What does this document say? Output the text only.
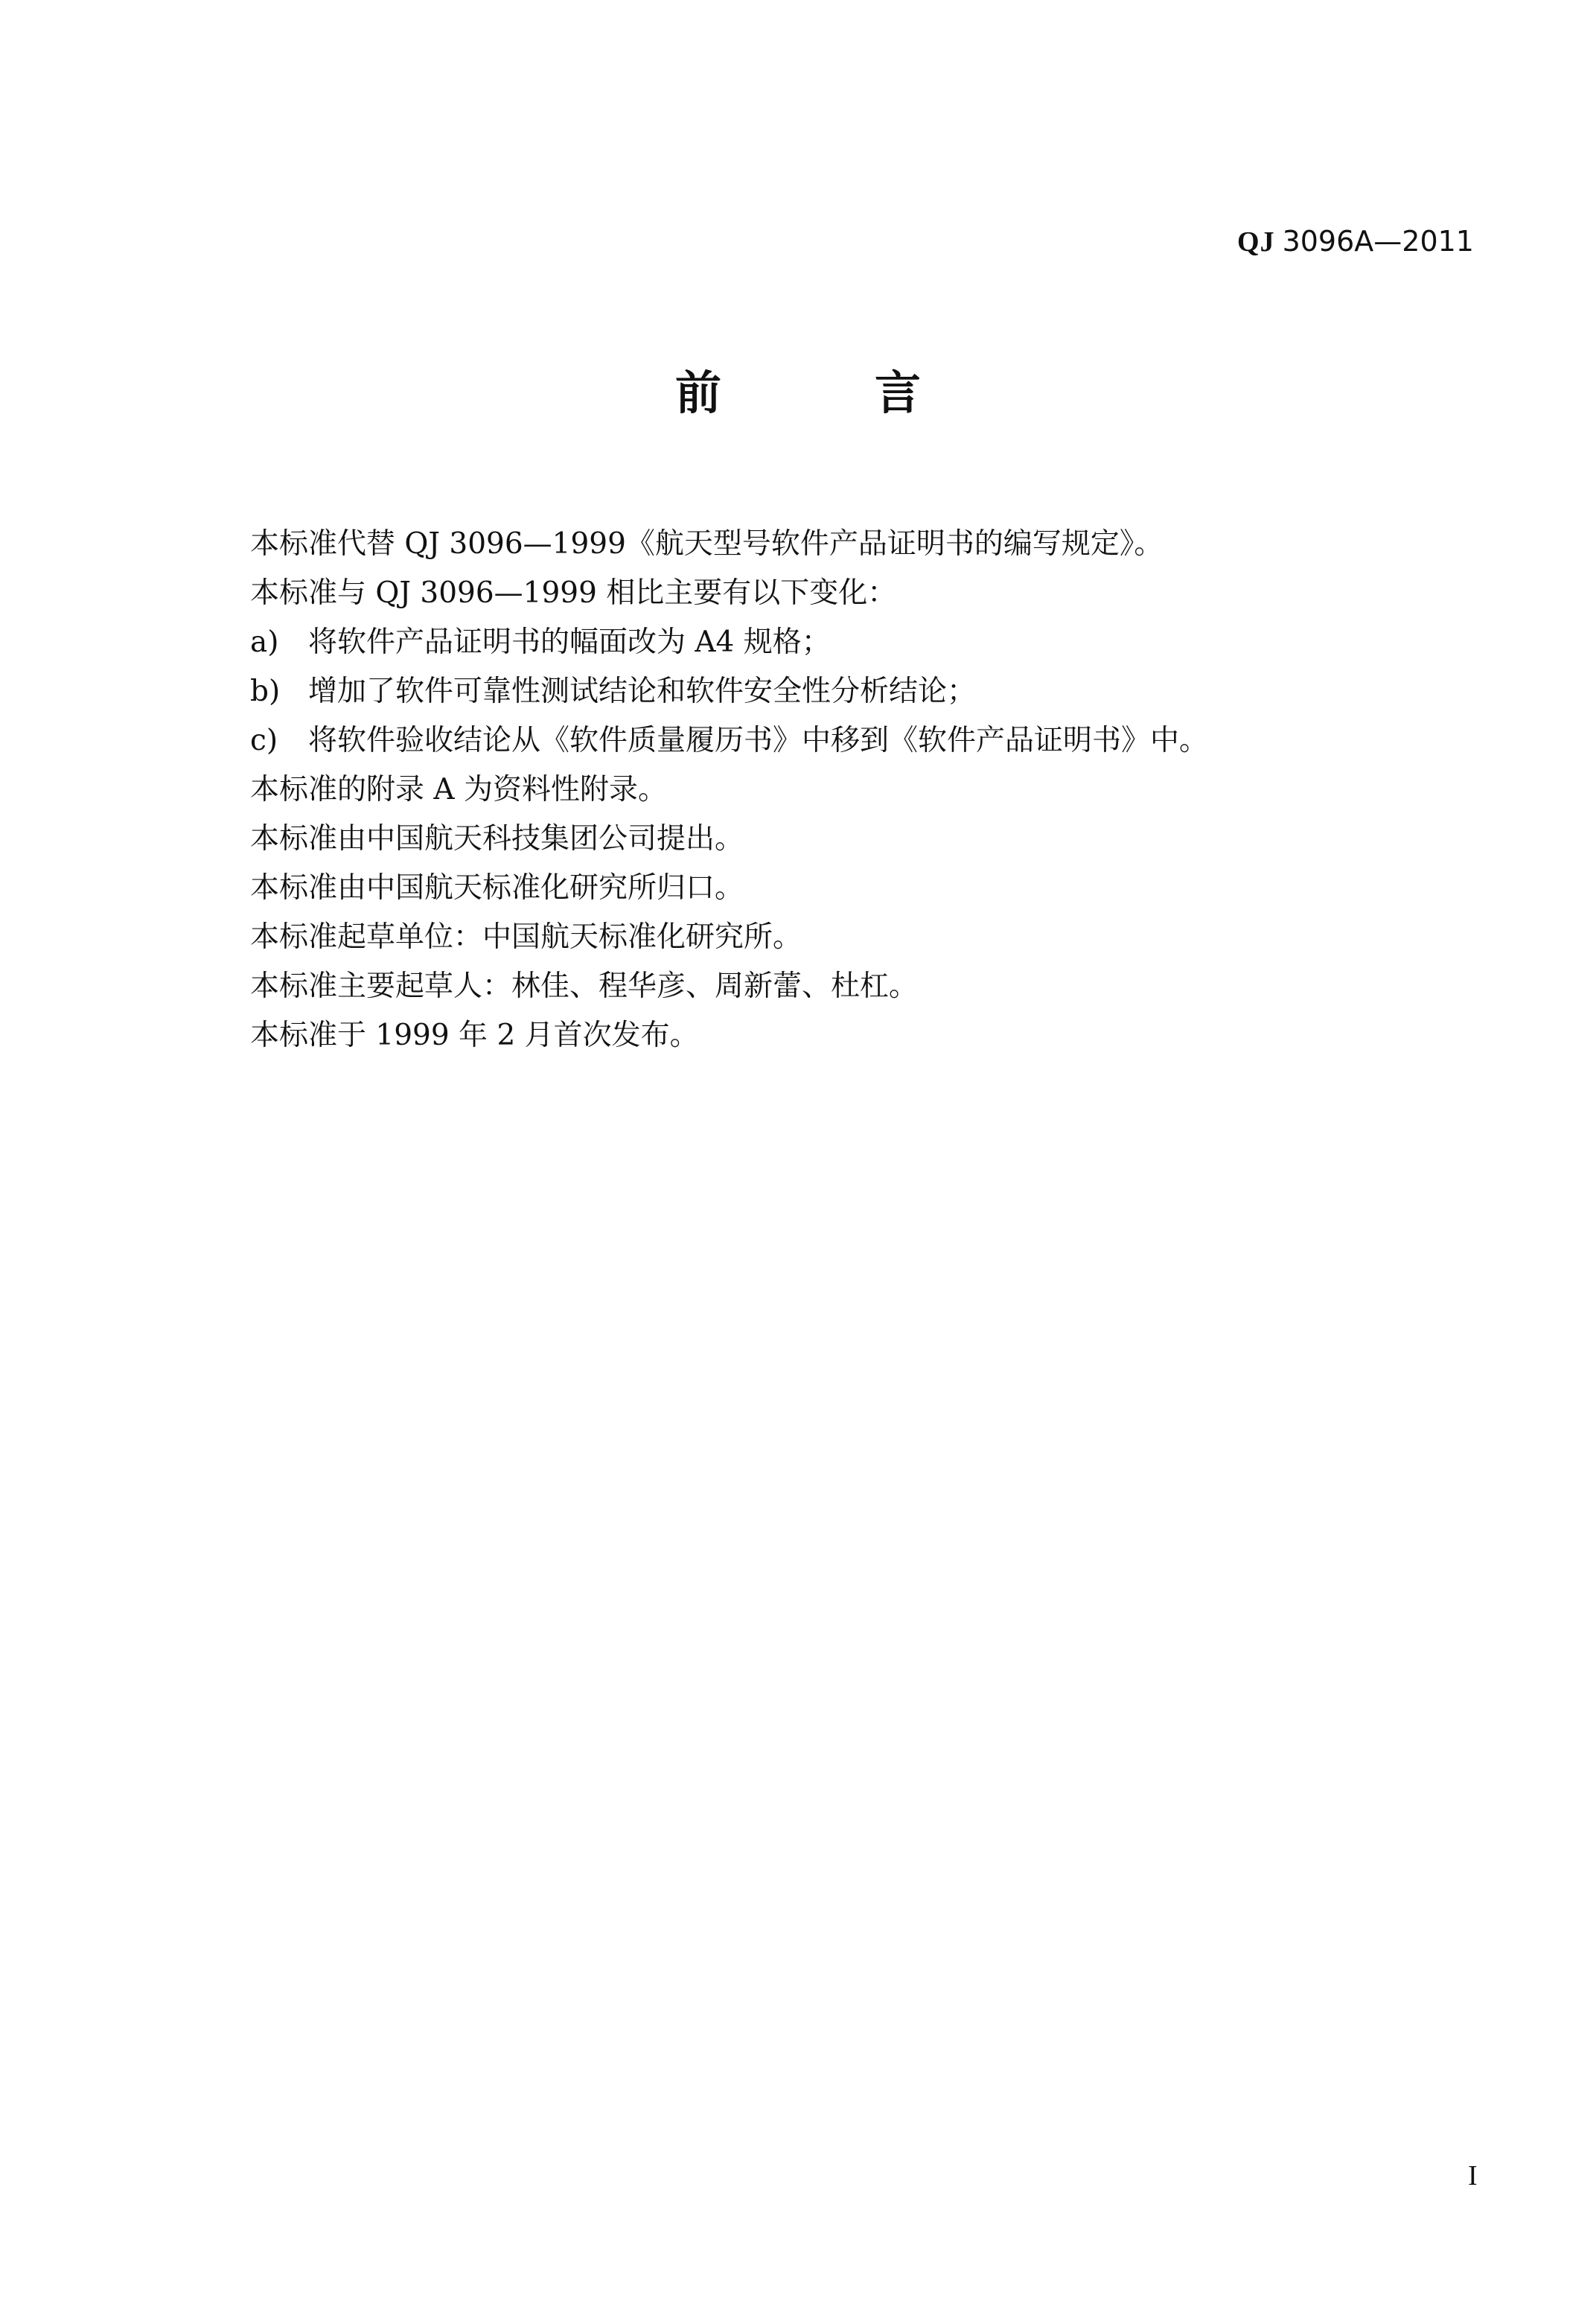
QJ 3096A—2011
前　言
本标准代替 QJ 3096—1999《航天型号软件产品证明书的编写规定》。
本标准与 QJ 3096—1999 相比主要有以下变化：
a)	将软件产品证明书的幅面改为 A4 规格；
b) 增加了软件可靠性测试结论和软件安全性分析结论；
c)	将软件验收结论从《软件质量履历书》中移到《软件产品证明书》中。
本标准的附录 A 为资料性附录。
本标准由中国航天科技集团公司提出。
本标准由中国航天标准化研究所归口。
本标准起草单位：中国航天标准化研究所。
本标准主要起草人：林佳、程华彦、周新蕾、杜杠。
本标准于 1999 年 2 月首次发布。
I
